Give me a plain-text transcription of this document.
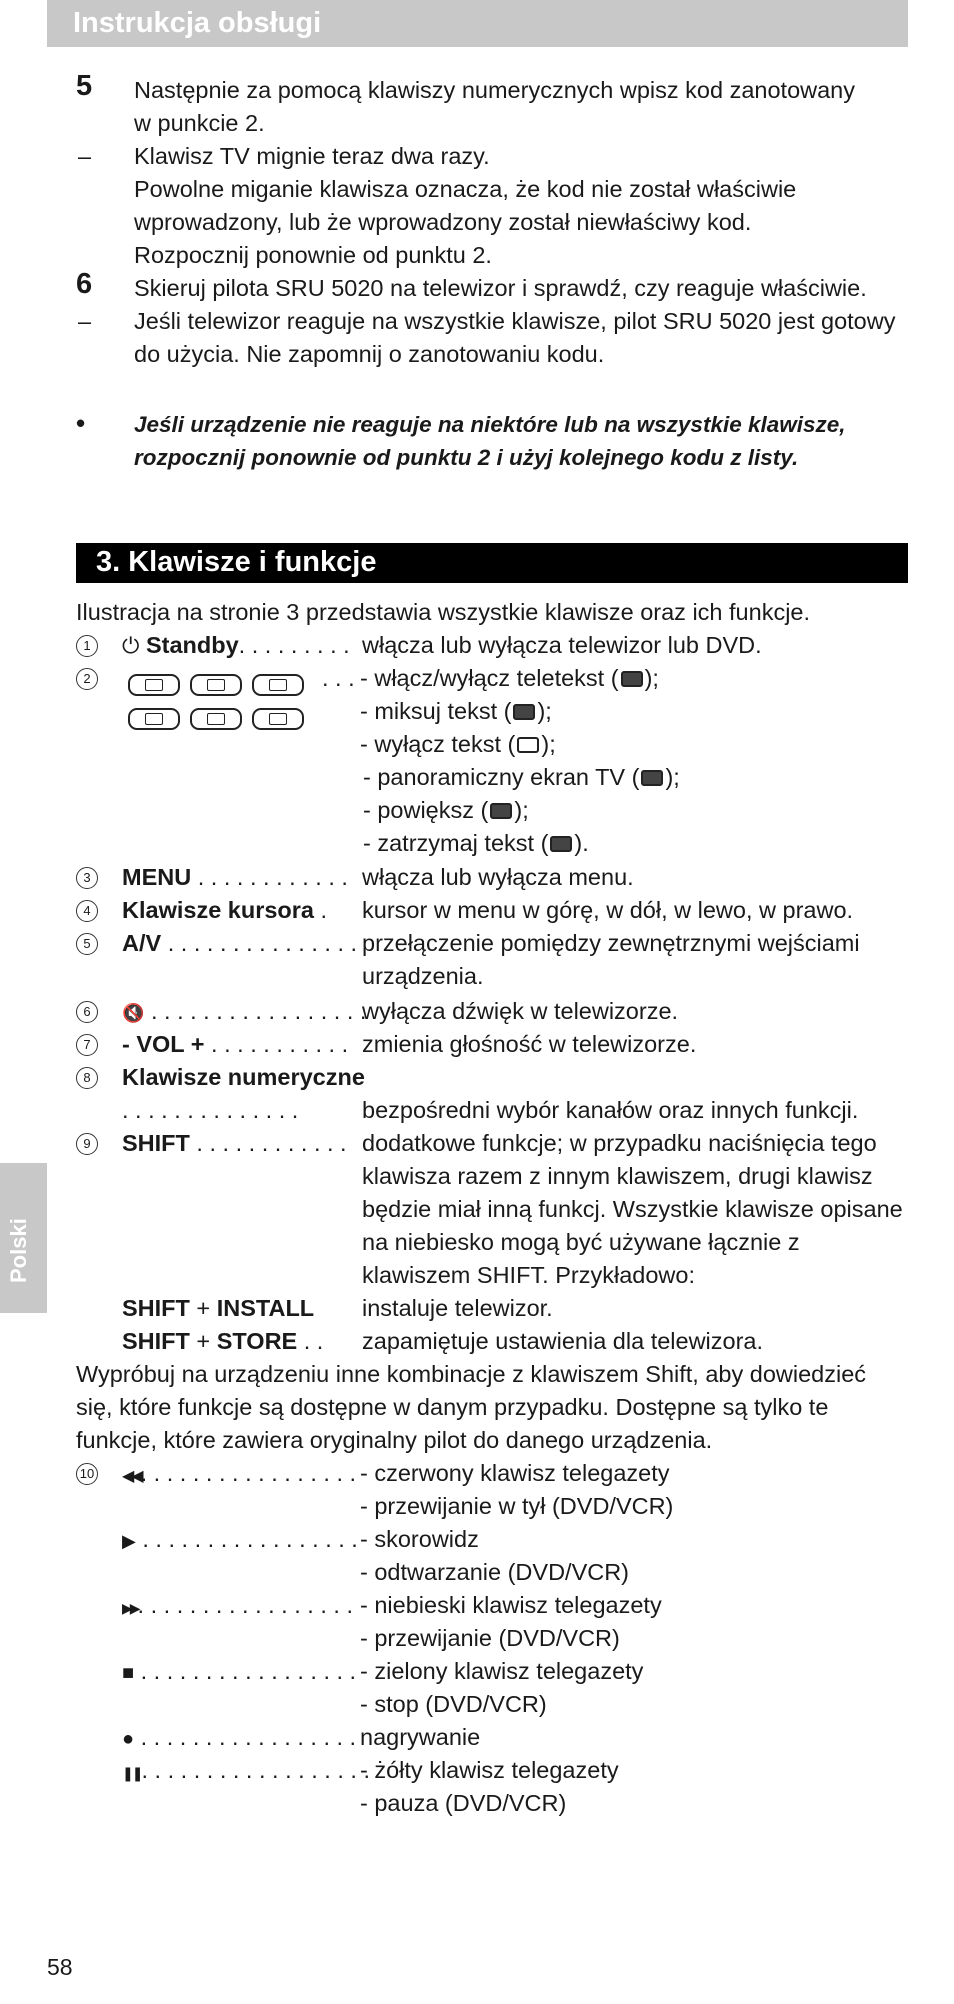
Instrukcja obsługi
Polski
5 Następnie za pomocą klawiszy numerycznych wpisz kod zanotowany
w punkcie 2.
– Klawisz TV mignie teraz dwa razy.
Powolne miganie klawisza oznacza, że kod nie został właściwie
wprowadzony, lub że wprowadzony został niewłaściwy kod.
Rozpocznij ponownie od punktu 2.
6 Skieruj pilota SRU 5020 na telewizor i sprawdź, czy reaguje właściwie.
– Jeśli telewizor reaguje na wszystkie klawisze, pilot SRU 5020 jest gotowy
do użycia. Nie zapomnij o zanotowaniu kodu.
• Jeśli urządzenie nie reaguje na niektóre lub na wszystkie klawisze, rozpocznij ponownie od punktu 2 i użyj kolejnego kodu z listy.
3. Klawisze i funkcje
Ilustracja na stronie 3 przedstawia wszystkie klawisze oraz ich funkcje.
1	⏻ Standby. . . . . . . . . włącza lub wyłącza telewizor lub DVD.
2	. . . - włącz/wyłącz teletekst ( );
- miksuj tekst ( );
- wyłącz tekst ( );
- panoramiczny ekran TV ( );
- powiększ ( );
- zatrzymaj tekst ( ).
3	MENU . . . . . . . . . . . . włącza lub wyłącza menu.
4	Klawisze kursora . kursor w menu w górę, w dół, w lewo, w prawo.
5	A/V . . . . . . . . . . . . . . . przełączenie pomiędzy zewnętrznymi wejściami
urządzenia.
6	🔇 . . . . . . . . . . . . . . . . .
wyłącza dźwięk w telewizorze.
7	- VOL + . . . . . . . . . . . zmienia głośność w telewizorze.
8	Klawisze numeryczne
. . . . . . . . . . . . . .	bezpośredni wybór kanałów oraz innych funkcji.
9	SHIFT . . . . . . . . . . . . dodatkowe funkcje; w przypadku naciśnięcia tego
klawisza razem z innym klawiszem, drugi klawisz
będzie miał inną funkcj. Wszystkie klawisze opisane
na niebiesko mogą być używane łącznie z
klawiszem SHIFT. Przykładowo:
SHIFT + INSTALL instaluje telewizor.
SHIFT + STORE . . zapamiętuje ustawienia dla telewizora.
Wypróbuj na urządzeniu inne kombinacje z klawiszem Shift, aby dowiedzieć
się, które funkcje są dostępne w danym przypadku. Dostępne są tylko te
funkcje, które zawiera oryginalny pilot do danego urządzenia.
10 ◀◀. . . . . . . . . . . . . . . . . - czerwony klawisz telegazety
- przewijanie w tył (DVD/VCR)
▶ . . . . . . . . . . . . . . . . . - skorowidz
- odtwarzanie (DVD/VCR)
▶▶. . . . . . . . . . . . . . . . . - niebieski klawisz telegazety
- przewijanie (DVD/VCR)
■ . . . . . . . . . . . . . . . . . - zielony klawisz telegazety
- stop (DVD/VCR)
● . . . . . . . . . . . . . . . . . nagrywanie
❚❚. . . . . . . . . . . . . . . . . .
- żółty klawisz telegazety
- pauza (DVD/VCR)
58
